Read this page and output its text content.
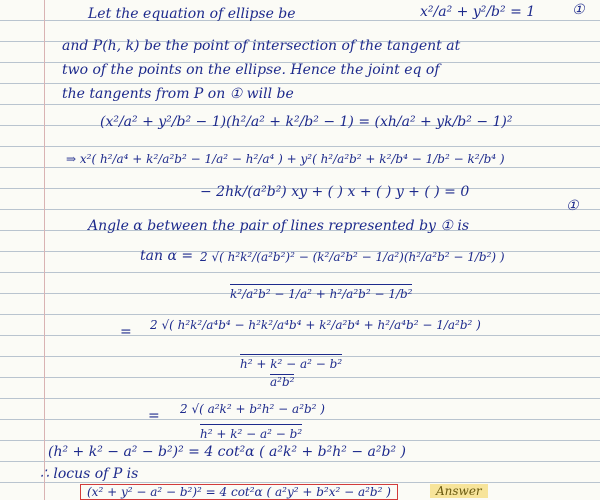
Let the equation of ellipse be	x²/a² + y²/b² = 1	①
and P(h, k) be the point of intersection of the tangent at
two of the points on the ellipse. Hence the joint eq of
the tangents from P on ① will be
(x²/a² + y²/b² − 1)(h²/a² + k²/b² − 1) = (xh/a² + yk/b² − 1)²
⇒ x²( h²/a⁴ + k²/a²b² − 1/a² − h²/a⁴ ) + y²( h²/a²b² + k²/b⁴ − 1/b² − k²/b⁴ )
− 2hk/(a²b²) xy + ( ) x + ( ) y + ( ) = 0
①
Angle α between the pair of lines represented by ① is
tan α = 2 √( h²k²/(a²b²)² − (k²/a²b² − 1/a²)(h²/a²b² − 1/b²) )
k²/a²b² − 1/a² + h²/a²b² − 1/b²
= 2 √( h²k²/a⁴b⁴ − h²k²/a⁴b⁴ + k²/a²b⁴ + h²/a⁴b² − 1/a²b² )
h² + k² − a² − b²
a²b²
= 2 √( a²k² + b²h² − a²b² )
h² + k² − a² − b²
(h² + k² − a² − b²)² = 4 cot²α ( a²k² + b²h² − a²b² )
∴ locus of P is
(x² + y² − a² − b²)² = 4 cot²α ( a²y² + b²x² − a²b² )	Answer
